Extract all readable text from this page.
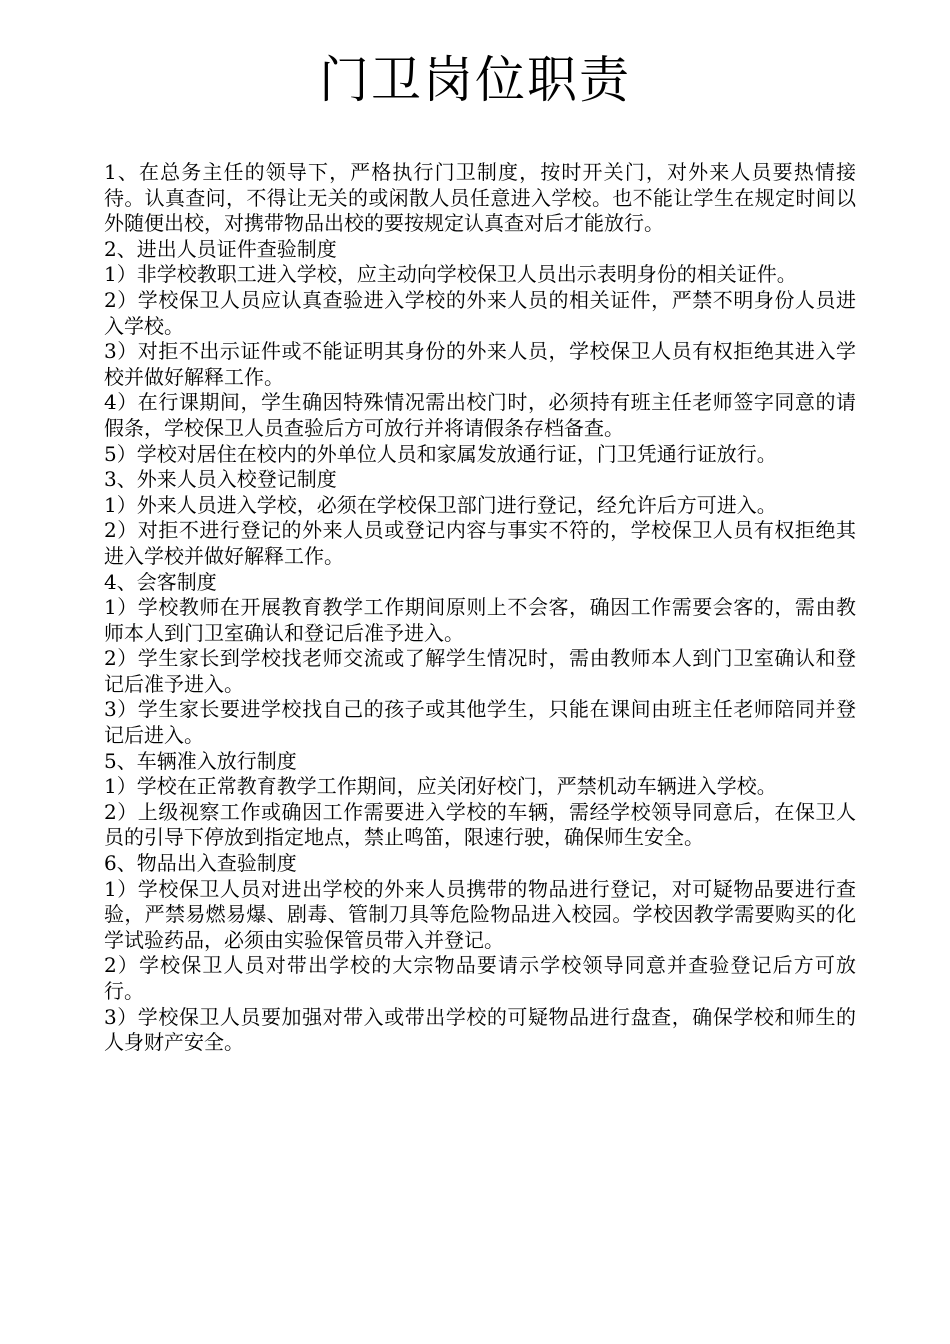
门卫岗位职责

1、在总务主任的领导下，严格执行门卫制度，按时开关门，对外来人员要热情接待。认真查问，不得让无关的或闲散人员任意进入学校。也不能让学生在规定时间以外随便出校，对携带物品出校的要按规定认真查对后才能放行。

2、进出人员证件查验制度

1）非学校教职工进入学校，应主动向学校保卫人员出示表明身份的相关证件。

2）学校保卫人员应认真查验进入学校的外来人员的相关证件，严禁不明身份人员进入学校。

3）对拒不出示证件或不能证明其身份的外来人员，学校保卫人员有权拒绝其进入学校并做好解释工作。

4）在行课期间，学生确因特殊情况需出校门时，必须持有班主任老师签字同意的请假条，学校保卫人员查验后方可放行并将请假条存档备查。

5）学校对居住在校内的外单位人员和家属发放通行证，门卫凭通行证放行。

3、外来人员入校登记制度

1）外来人员进入学校，必须在学校保卫部门进行登记，经允许后方可进入。

2）对拒不进行登记的外来人员或登记内容与事实不符的，学校保卫人员有权拒绝其进入学校并做好解释工作。

4、会客制度

1）学校教师在开展教育教学工作期间原则上不会客，确因工作需要会客的，需由教师本人到门卫室确认和登记后准予进入。

2）学生家长到学校找老师交流或了解学生情况时，需由教师本人到门卫室确认和登记后准予进入。

3）学生家长要进学校找自己的孩子或其他学生，只能在课间由班主任老师陪同并登记后进入。

5、车辆准入放行制度

1）学校在正常教育教学工作期间，应关闭好校门，严禁机动车辆进入学校。

2）上级视察工作或确因工作需要进入学校的车辆，需经学校领导同意后，在保卫人员的引导下停放到指定地点，禁止鸣笛，限速行驶，确保师生安全。

6、物品出入查验制度

1）学校保卫人员对进出学校的外来人员携带的物品进行登记，对可疑物品要进行查验，严禁易燃易爆、剧毒、管制刀具等危险物品进入校园。学校因教学需要购买的化学试验药品，必须由实验保管员带入并登记。

2）学校保卫人员对带出学校的大宗物品要请示学校领导同意并查验登记后方可放行。

3）学校保卫人员要加强对带入或带出学校的可疑物品进行盘查，确保学校和师生的人身财产安全。
